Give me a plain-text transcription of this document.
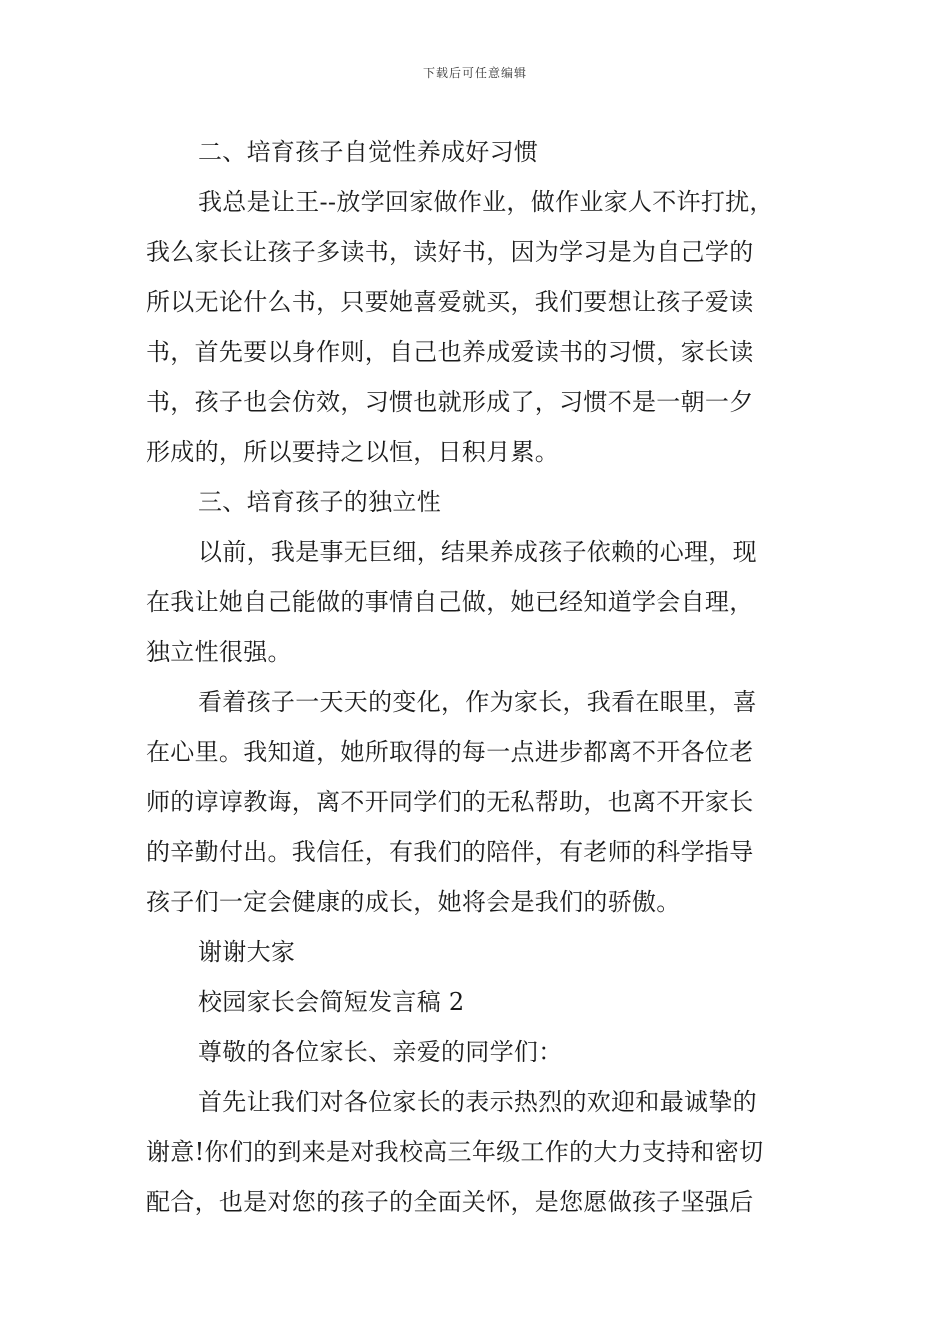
下载后可任意编辑
二、培育孩子自觉性养成好习惯
我总是让王--放学回家做作业，做作业家人不许打扰，
我么家长让孩子多读书，读好书，因为学习是为自己学的
所以无论什么书，只要她喜爱就买，我们要想让孩子爱读
书，首先要以身作则，自己也养成爱读书的习惯，家长读
书，孩子也会仿效，习惯也就形成了，习惯不是一朝一夕
形成的，所以要持之以恒，日积月累。
三、培育孩子的独立性
以前，我是事无巨细，结果养成孩子依赖的心理，现
在我让她自己能做的事情自己做，她已经知道学会自理，
独立性很强。
看着孩子一天天的变化，作为家长，我看在眼里，喜
在心里。我知道，她所取得的每一点进步都离不开各位老
师的谆谆教诲，离不开同学们的无私帮助，也离不开家长
的辛勤付出。我信任，有我们的陪伴，有老师的科学指导
孩子们一定会健康的成长，她将会是我们的骄傲。
谢谢大家
校园家长会简短发言稿 2
尊敬的各位家长、亲爱的同学们：
首先让我们对各位家长的表示热烈的欢迎和最诚挚的
谢意!你们的到来是对我校高三年级工作的大力支持和密切
配合，也是对您的孩子的全面关怀，是您愿做孩子坚强后
